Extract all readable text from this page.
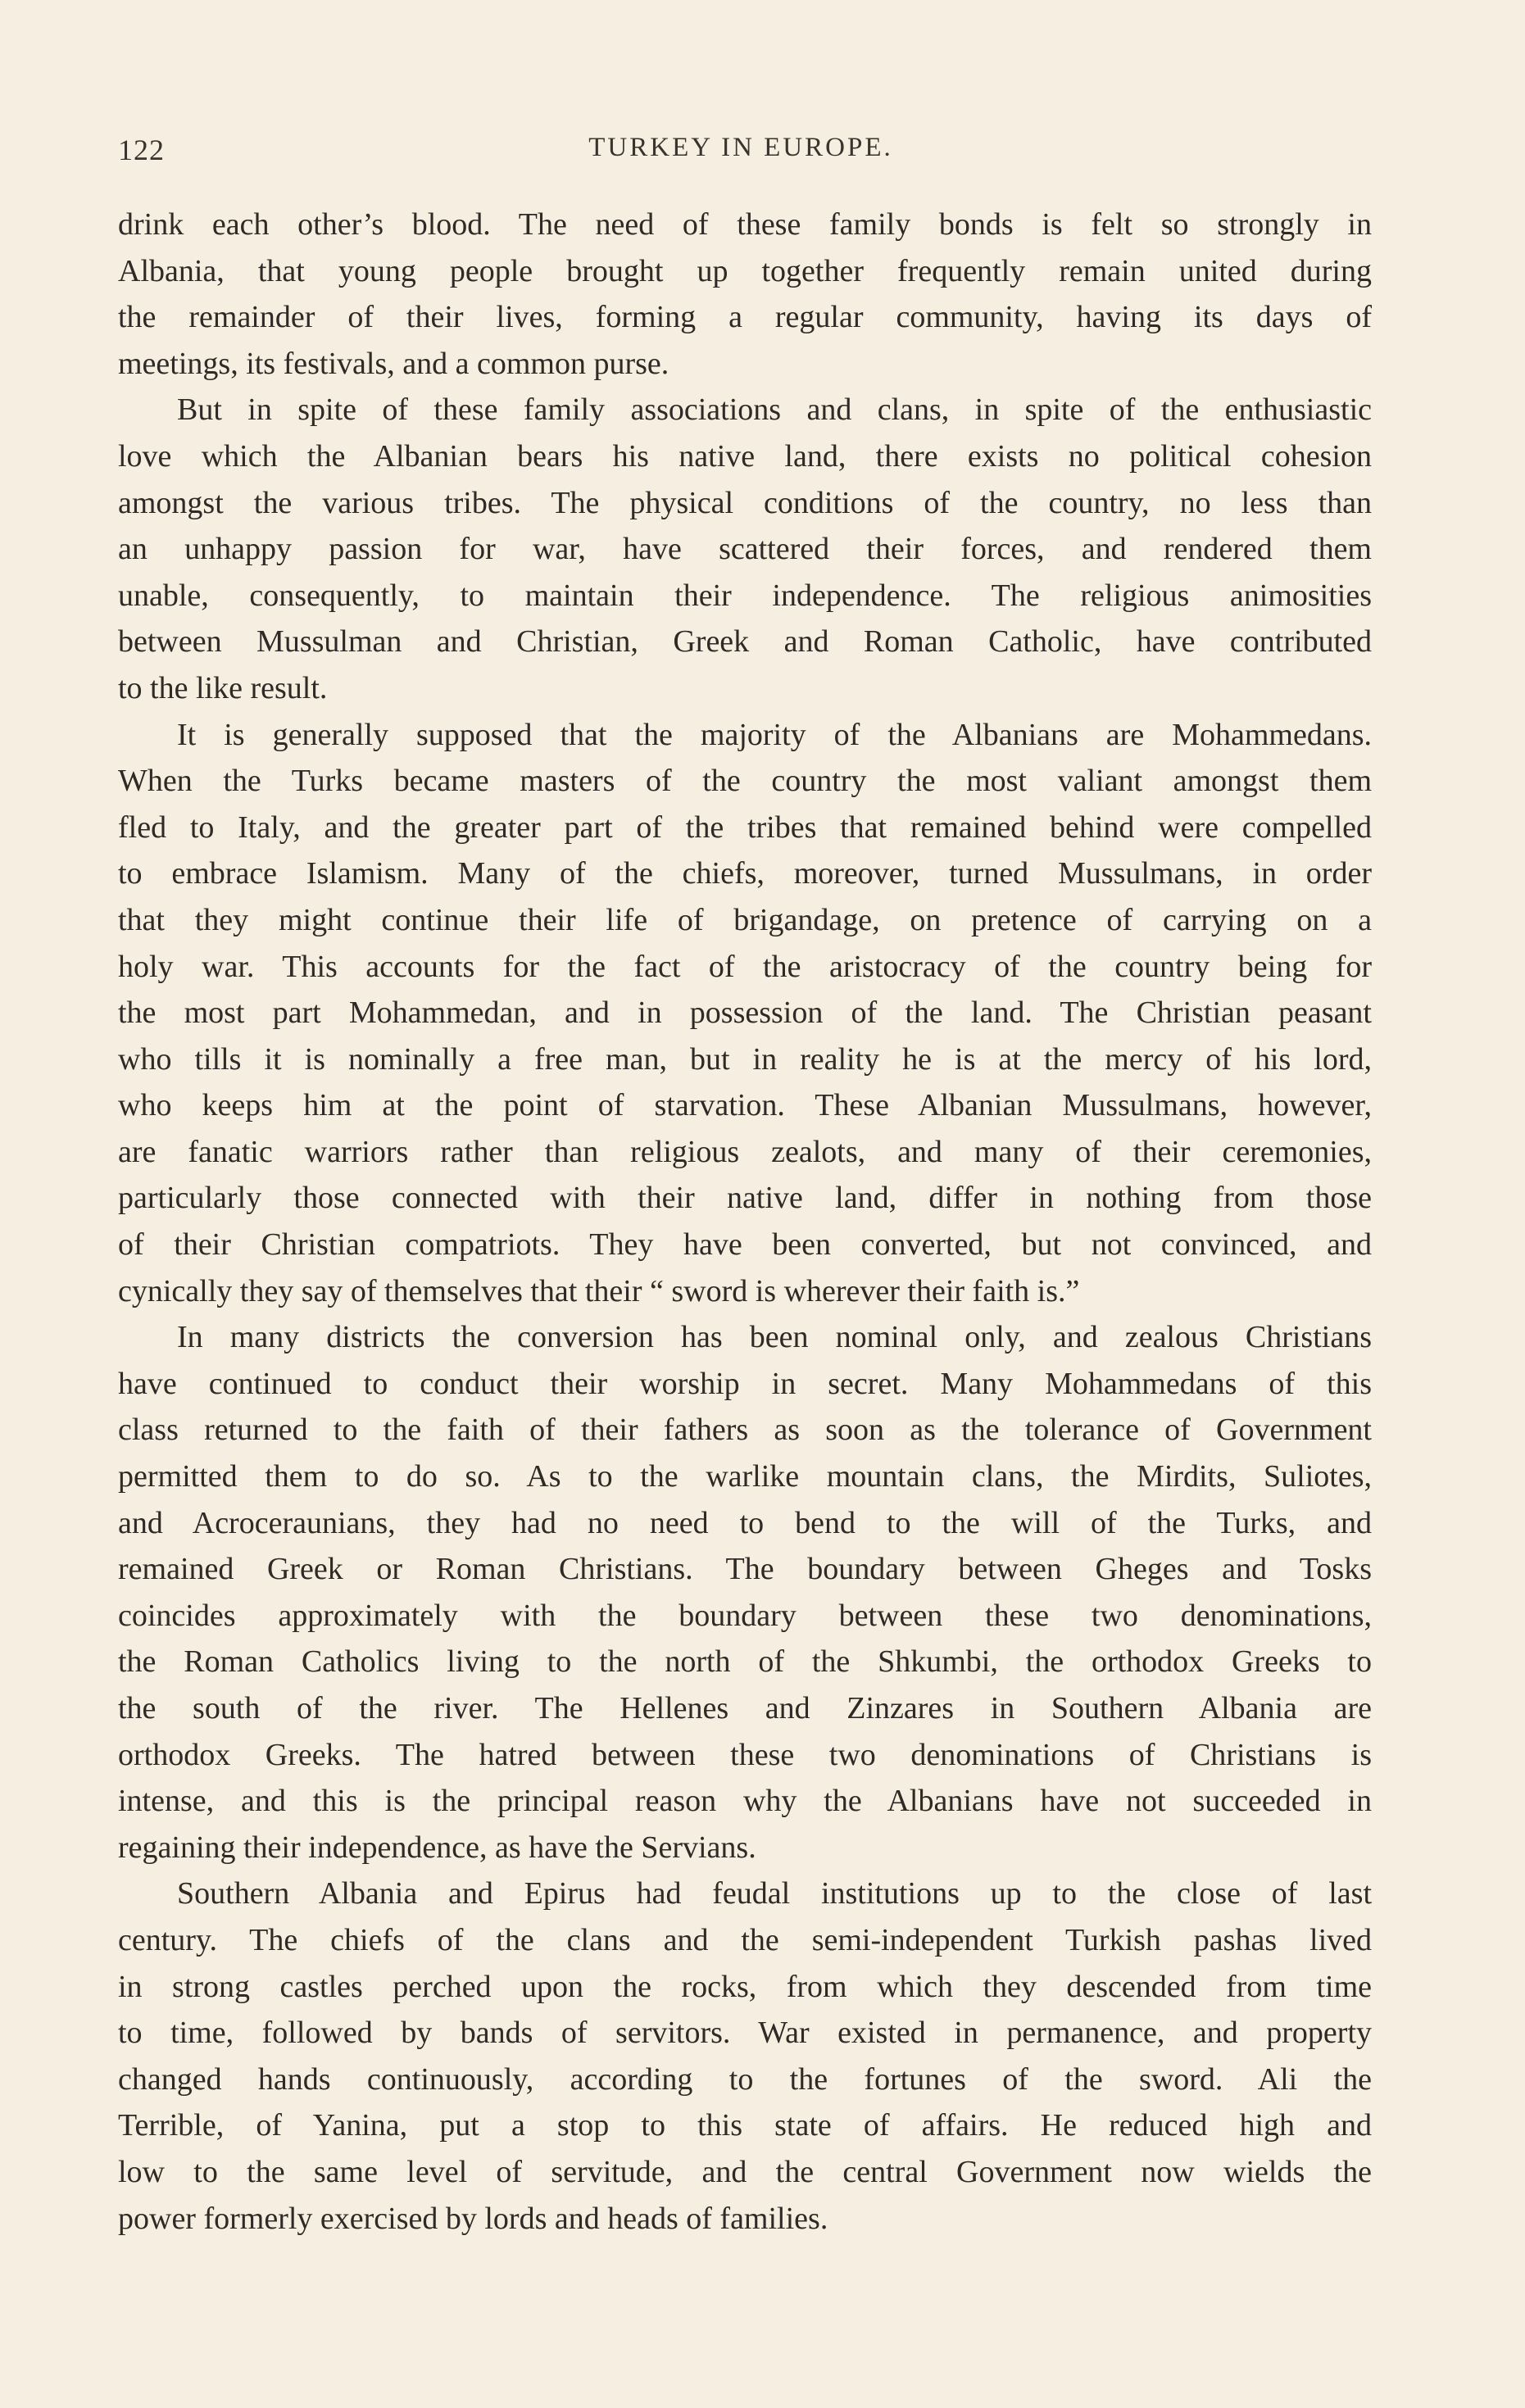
122	TURKEY IN EUROPE.
drink each other’s blood. The need of these family bonds is felt so strongly in
Albania, that young people brought up together frequently remain united during
the remainder of their lives, forming a regular community, having its days of
meetings, its festivals, and a common purse.
But in spite of these family associations and clans, in spite of the enthusiastic
love which the Albanian bears his native land, there exists no political cohesion
amongst the various tribes. The physical conditions of the country, no less than
an unhappy passion for war, have scattered their forces, and rendered them
unable, consequently, to maintain their independence. The religious animosities
between Mussulman and Christian, Greek and Roman Catholic, have contributed
to the like result.
It is generally supposed that the majority of the Albanians are Mohammedans.
When the Turks became masters of the country the most valiant amongst them
fled to Italy, and the greater part of the tribes that remained behind were compelled
to embrace Islamism. Many of the chiefs, moreover, turned Mussulmans, in order
that they might continue their life of brigandage, on pretence of carrying on a
holy war. This accounts for the fact of the aristocracy of the country being for
the most part Mohammedan, and in possession of the land. The Christian peasant
who tills it is nominally a free man, but in reality he is at the mercy of his lord,
who keeps him at the point of starvation. These Albanian Mussulmans, however,
are fanatic warriors rather than religious zealots, and many of their ceremonies,
particularly those connected with their native land, differ in nothing from those
of their Christian compatriots. They have been converted, but not convinced, and
cynically they say of themselves that their “ sword is wherever their faith is.”
In many districts the conversion has been nominal only, and zealous Christians
have continued to conduct their worship in secret. Many Mohammedans of this
class returned to the faith of their fathers as soon as the tolerance of Government
permitted them to do so. As to the warlike mountain clans, the Mirdits, Suliotes,
and Acroceraunians, they had no need to bend to the will of the Turks, and
remained Greek or Roman Christians. The boundary between Gheges and Tosks
coincides approximately with the boundary between these two denominations,
the Roman Catholics living to the north of the Shkumbi, the orthodox Greeks to
the south of the river. The Hellenes and Zinzares in Southern Albania are
orthodox Greeks. The hatred between these two denominations of Christians is
intense, and this is the principal reason why the Albanians have not succeeded in
regaining their independence, as have the Servians.
Southern Albania and Epirus had feudal institutions up to the close of last
century. The chiefs of the clans and the semi-independent Turkish pashas lived
in strong castles perched upon the rocks, from which they descended from time
to time, followed by bands of servitors. War existed in permanence, and property
changed hands continuously, according to the fortunes of the sword. Ali the
Terrible, of Yanina, put a stop to this state of affairs. He reduced high and
low to the same level of servitude, and the central Government now wields the
power formerly exercised by lords and heads of families.
